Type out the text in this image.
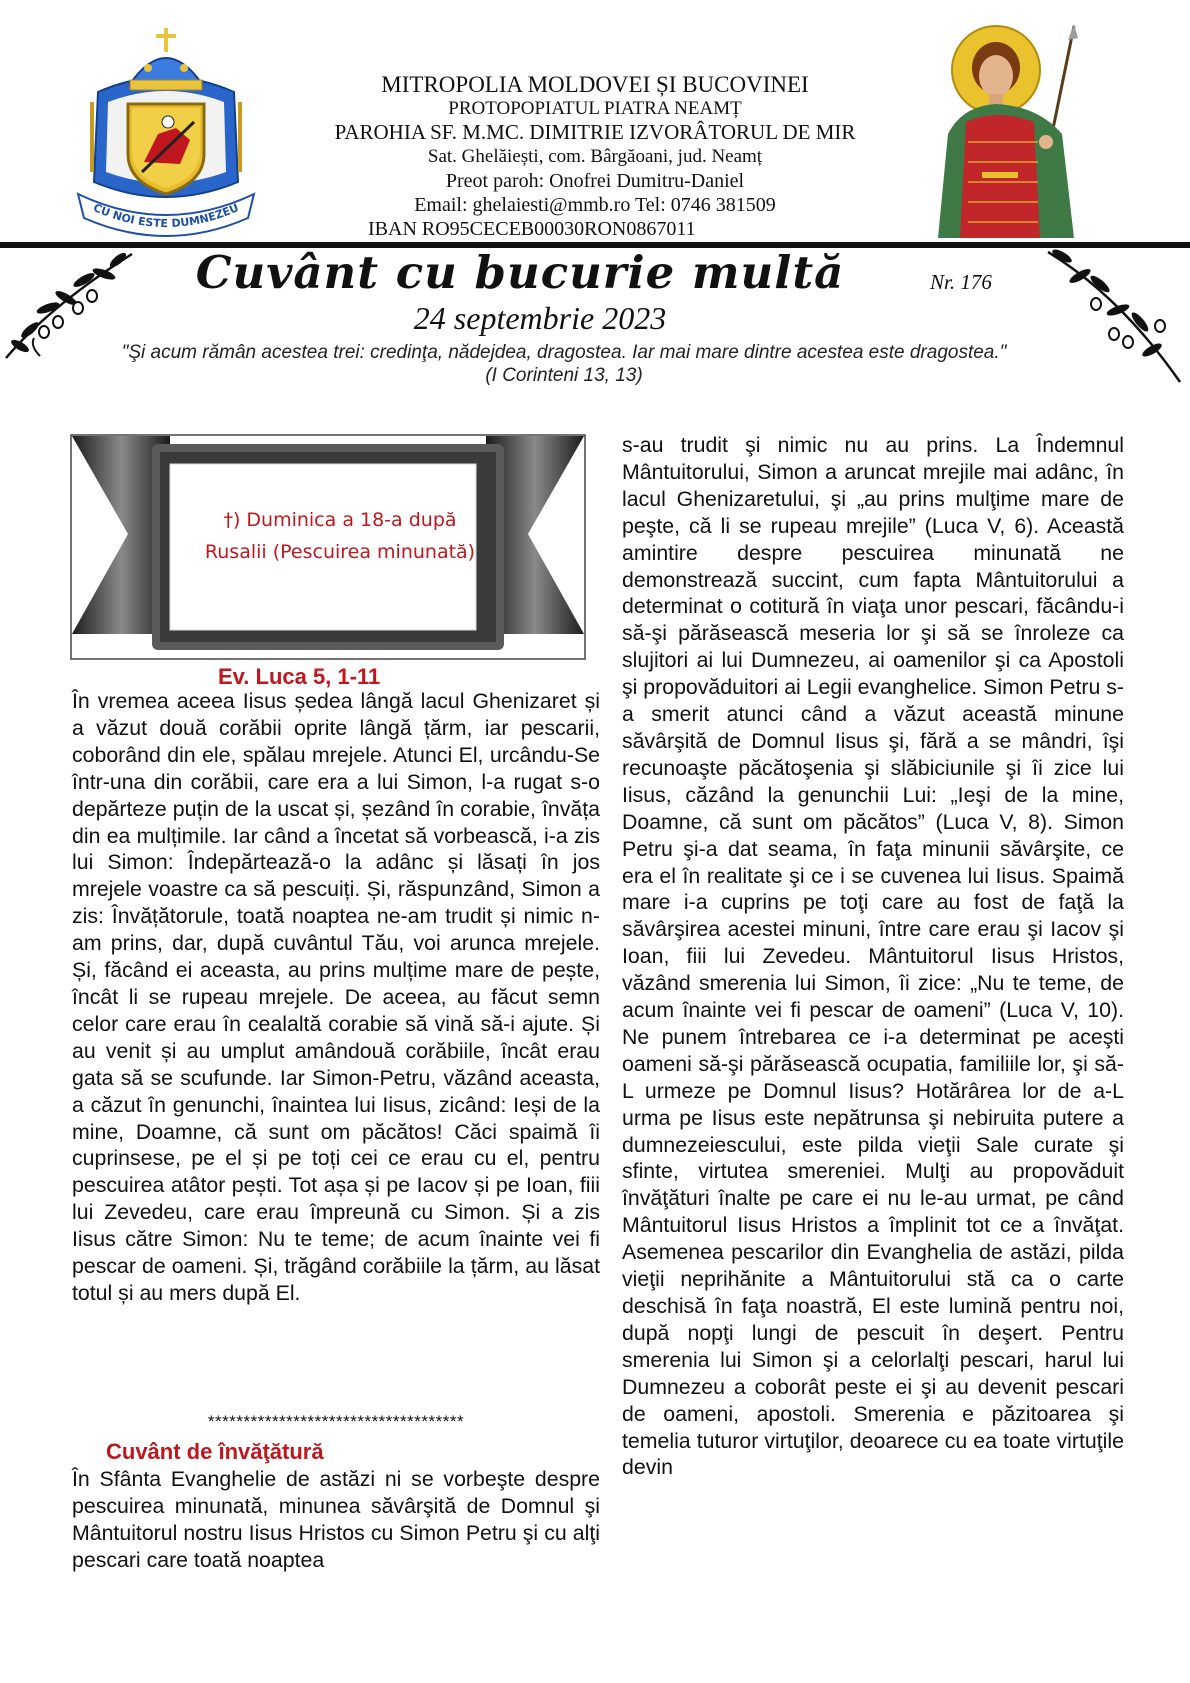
CU NOI ESTE DUMNEZEU
MITROPOLIA MOLDOVEI ȘI BUCOVINEI
PROTOPOPIATUL PIATRA NEAMȚ
PAROHIA SF. M.MC. DIMITRIE IZVORÂTORUL DE MIR
Sat. Ghelăiești, com. Bârgăoani, jud. Neamț
Preot paroh: Onofrei Dumitru-Daniel
Email: ghelaiesti@mmb.ro Tel: 0746 381509
IBAN RO95CECEB00030RON0867011
Cuvânt cu bucurie multă	Nr. 176
24 septembrie 2023
"Şi acum rămân acestea trei: credinţa, nădejdea, dragostea. Iar mai mare dintre acestea este dragostea." (I Corinteni 13, 13)
†) Duminica a 18-a după
Rusalii (Pescuirea minunată)
Ev. Luca 5, 1-11

În vremea aceea Iisus ședea lângă lacul Ghenizaret și a văzut două corăbii oprite lângă țărm, iar pescarii, coborând din ele, spălau mrejele. Atunci El, urcându-Se într-una din corăbii, care era a lui Simon, l-a rugat s-o depărteze puțin de la uscat și, șezând în corabie, învăța din ea mulțimile. Iar când a încetat să vorbească, i-a zis lui Simon: Îndepărtează-o la adânc și lăsați în jos mrejele voastre ca să pescuiți. Și, răspunzând, Simon a zis: Învățătorule, toată noaptea ne-am trudit și nimic n-am prins, dar, după cuvântul Tău, voi arunca mrejele. Și, făcând ei aceasta, au prins mulțime mare de pește, încât li se rupeau mrejele. De aceea, au făcut semn celor care erau în cealaltă corabie să vină să-i ajute. Și au venit și au umplut amândouă corăbiile, încât erau gata să se scufunde. Iar Simon-Petru, văzând aceasta, a căzut în genunchi, înaintea lui Iisus, zicând: Ieși de la mine, Doamne, că sunt om păcătos! Căci spaimă îi cuprinsese, pe el și pe toți cei ce erau cu el, pentru pescuirea atâtor pești. Tot așa și pe Iacov și pe Ioan, fiii lui Zevedeu, care erau împreună cu Simon. Și a zis Iisus către Simon: Nu te teme; de acum înainte vei fi pescar de oameni. Și, trăgând corăbiile la țărm, au lăsat totul și au mers după El.

************************************
Cuvânt de învăţătură

În Sfânta Evanghelie de astăzi ni se vorbeşte despre pescuirea minunată, minunea săvârşită de Domnul şi Mântuitorul nostru Iisus Hristos cu Simon Petru şi cu alţi pescari care toată noaptea

s-au trudit şi nimic nu au prins. La Îndemnul Mântuitorului, Simon a aruncat mrejile mai adânc, în lacul Ghenizaretului, şi „au prins mulţime mare de peşte, că li se rupeau mrejile” (Luca V, 6). Această amintire despre pescuirea minunată ne demonstrează succint, cum fapta Mântuitorului a determinat o cotitură în viaţa unor pescari, făcându-i să-şi părăsească meseria lor şi să se înroleze ca slujitori ai lui Dumnezeu, ai oamenilor şi ca Apostoli şi propovăduitori ai Legii evanghelice. Simon Petru s-a smerit atunci când a văzut această minune săvârşită de Domnul Iisus şi, fără a se mândri, îşi recunoaşte păcătoşenia şi slăbiciunile şi îi zice lui Iisus, căzând la genunchii Lui: „Ieşi de la mine, Doamne, că sunt om păcătos” (Luca V, 8). Simon Petru şi-a dat seama, în faţa minunii săvârşite, ce era el în realitate şi ce i se cuvenea lui Iisus. Spaimă mare i-a cuprins pe toţi care au fost de faţă la săvârşirea acestei minuni, între care erau şi Iacov şi Ioan, fiii lui Zevedeu. Mântuitorul Iisus Hristos, văzând smerenia lui Simon, îi zice: „Nu te teme, de acum înainte vei fi pescar de oameni” (Luca V, 10). Ne punem întrebarea ce i-a determinat pe aceşti oameni să-şi părăsească ocupatia, familiile lor, şi să-L urmeze pe Domnul Iisus? Hotărârea lor de a-L urma pe Iisus este nepătrunsa şi nebiruita putere a dumnezeiescului, este pilda vieţii Sale curate şi sfinte, virtutea smereniei. Mulţi au propovăduit învăţături înalte pe care ei nu le-au urmat, pe când Mântuitorul Iisus Hristos a împlinit tot ce a învăţat. Asemenea pescarilor din Evanghelia de astăzi, pilda vieţii neprihănite a Mântuitorului stă ca o carte deschisă în faţa noastră, El este lumină pentru noi, după nopţi lungi de pescuit în deşert. Pentru smerenia lui Simon şi a celorlalţi pescari, harul lui Dumnezeu a coborât peste ei şi au devenit pescari de oameni, apostoli. Smerenia e păzitoarea şi temelia tuturor virtuţilor, deoarece cu ea toate virtuţile devin
